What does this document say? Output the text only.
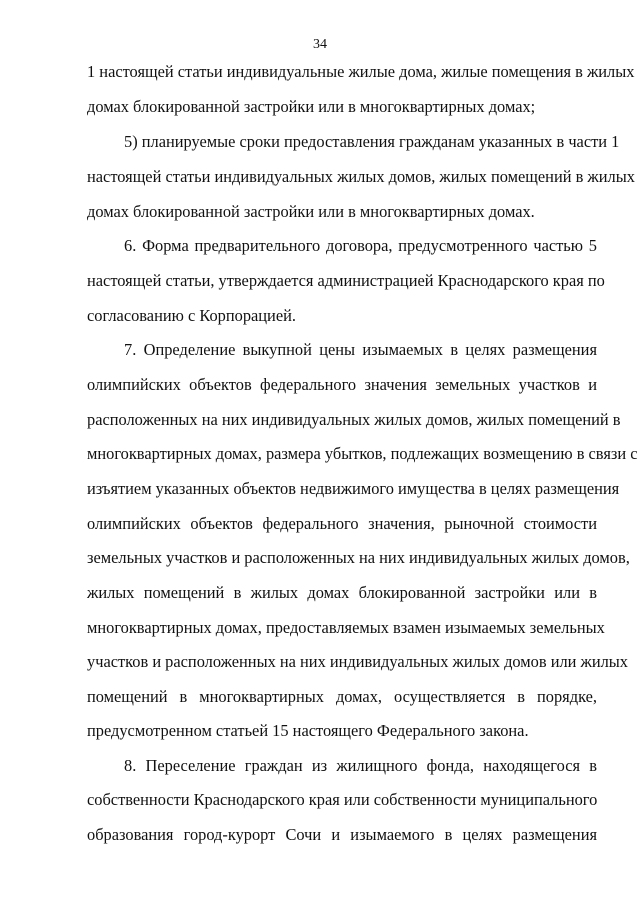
34
1 настоящей статьи индивидуальные жилые дома, жилые помещения в жилых
домах блокированной застройки или в многоквартирных домах;
5) планируемые сроки предоставления гражданам указанных в части 1
настоящей статьи индивидуальных жилых домов, жилых помещений в жилых
домах блокированной застройки или в многоквартирных домах.
6. Форма предварительного договора, предусмотренного частью 5
настоящей статьи, утверждается администрацией Краснодарского края по
согласованию с Корпорацией.
7. Определение выкупной цены изымаемых в целях размещения
олимпийских объектов федерального значения земельных участков и
расположенных на них индивидуальных жилых домов, жилых помещений в
многоквартирных домах, размера убытков, подлежащих возмещению в связи с
изъятием указанных объектов недвижимого имущества в целях размещения
олимпийских объектов федерального значения, рыночной стоимости
земельных участков и расположенных на них индивидуальных жилых домов,
жилых помещений в жилых домах блокированной застройки или в
многоквартирных домах, предоставляемых взамен изымаемых земельных
участков и расположенных на них индивидуальных жилых домов или жилых
помещений в многоквартирных домах, осуществляется в порядке,
предусмотренном статьей 15 настоящего Федерального закона.
8. Переселение граждан из жилищного фонда, находящегося в
собственности Краснодарского края или собственности муниципального
образования город-курорт Сочи и изымаемого в целях размещения
